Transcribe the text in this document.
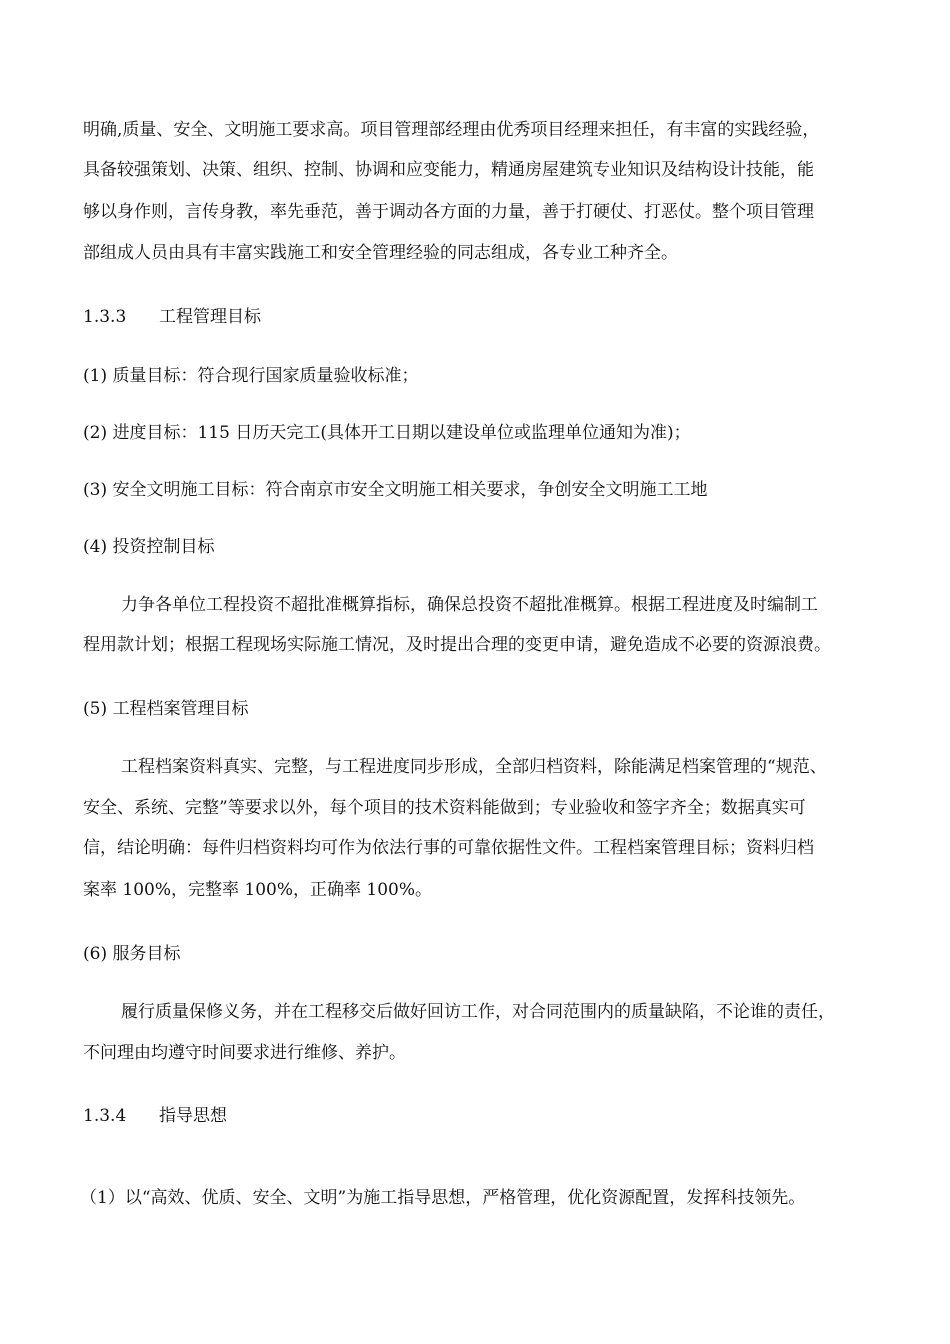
明确,质量、安全、文明施工要求高。项目管理部经理由优秀项目经理来担任，有丰富的实践经验，

具备较强策划、决策、组织、控制、协调和应变能力，精通房屋建筑专业知识及结构设计技能，能

够以身作则，言传身教，率先垂范，善于调动各方面的力量，善于打硬仗、打恶仗。整个项目管理

部组成人员由具有丰富实践施工和安全管理经验的同志组成，各专业工种齐全。

1.3.3 工程管理目标

(1) 质量目标：符合现行国家质量验收标准；

(2) 进度目标：115 日历天完工(具体开工日期以建设单位或监理单位通知为准)；

(3) 安全文明施工目标：符合南京市安全文明施工相关要求，争创安全文明施工工地

(4) 投资控制目标

力争各单位工程投资不超批准概算指标，确保总投资不超批准概算。根据工程进度及时编制工

程用款计划；根据工程现场实际施工情况，及时提出合理的变更申请，避免造成不必要的资源浪费。

(5) 工程档案管理目标

工程档案资料真实、完整，与工程进度同步形成，全部归档资料，除能满足档案管理的“规范、

安全、系统、完整”等要求以外，每个项目的技术资料能做到；专业验收和签字齐全；数据真实可

信，结论明确：每件归档资料均可作为依法行事的可靠依据性文件。工程档案管理目标；资料归档

案率 100%，完整率 100%，正确率 100%。

(6) 服务目标

履行质量保修义务，并在工程移交后做好回访工作，对合同范围内的质量缺陷，不论谁的责任，

不问理由均遵守时间要求进行维修、养护。

1.3.4 指导思想

（1）以“高效、优质、安全、文明”为施工指导思想，严格管理，优化资源配置，发挥科技领先。
